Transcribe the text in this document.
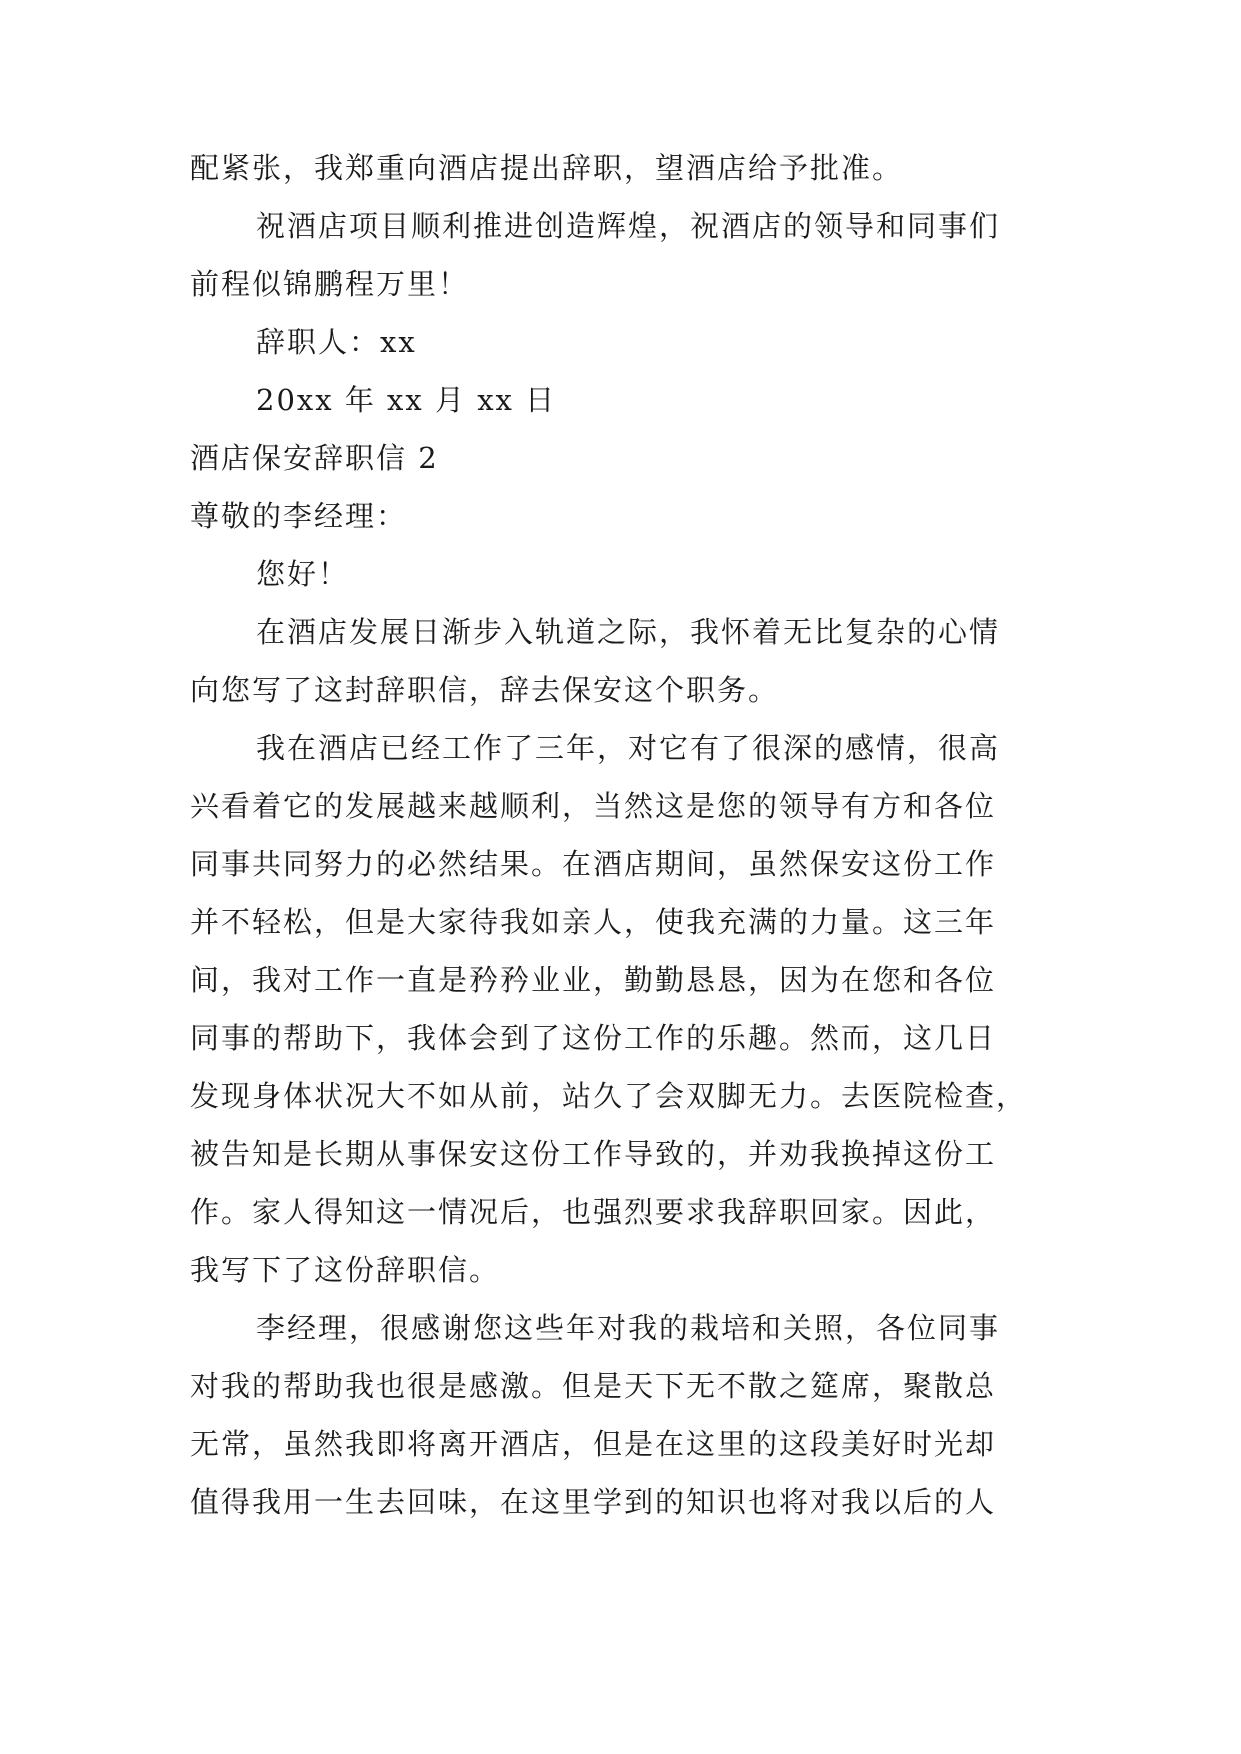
配紧张，我郑重向酒店提出辞职，望酒店给予批准。
祝酒店项目顺利推进创造辉煌，祝酒店的领导和同事们
前程似锦鹏程万里！
辞职人：xx
20xx 年 xx 月 xx 日
酒店保安辞职信 2
尊敬的李经理：
您好！
在酒店发展日渐步入轨道之际，我怀着无比复杂的心情
向您写了这封辞职信，辞去保安这个职务。
我在酒店已经工作了三年，对它有了很深的感情，很高
兴看着它的发展越来越顺利，当然这是您的领导有方和各位
同事共同努力的必然结果。在酒店期间，虽然保安这份工作
并不轻松，但是大家待我如亲人，使我充满的力量。这三年
间，我对工作一直是矜矜业业，勤勤恳恳，因为在您和各位
同事的帮助下，我体会到了这份工作的乐趣。然而，这几日
发现身体状况大不如从前，站久了会双脚无力。去医院检查，
被告知是长期从事保安这份工作导致的，并劝我换掉这份工
作。家人得知这一情况后，也强烈要求我辞职回家。因此，
我写下了这份辞职信。
李经理，很感谢您这些年对我的栽培和关照，各位同事
对我的帮助我也很是感激。但是天下无不散之筵席，聚散总
无常，虽然我即将离开酒店，但是在这里的这段美好时光却
值得我用一生去回味，在这里学到的知识也将对我以后的人
